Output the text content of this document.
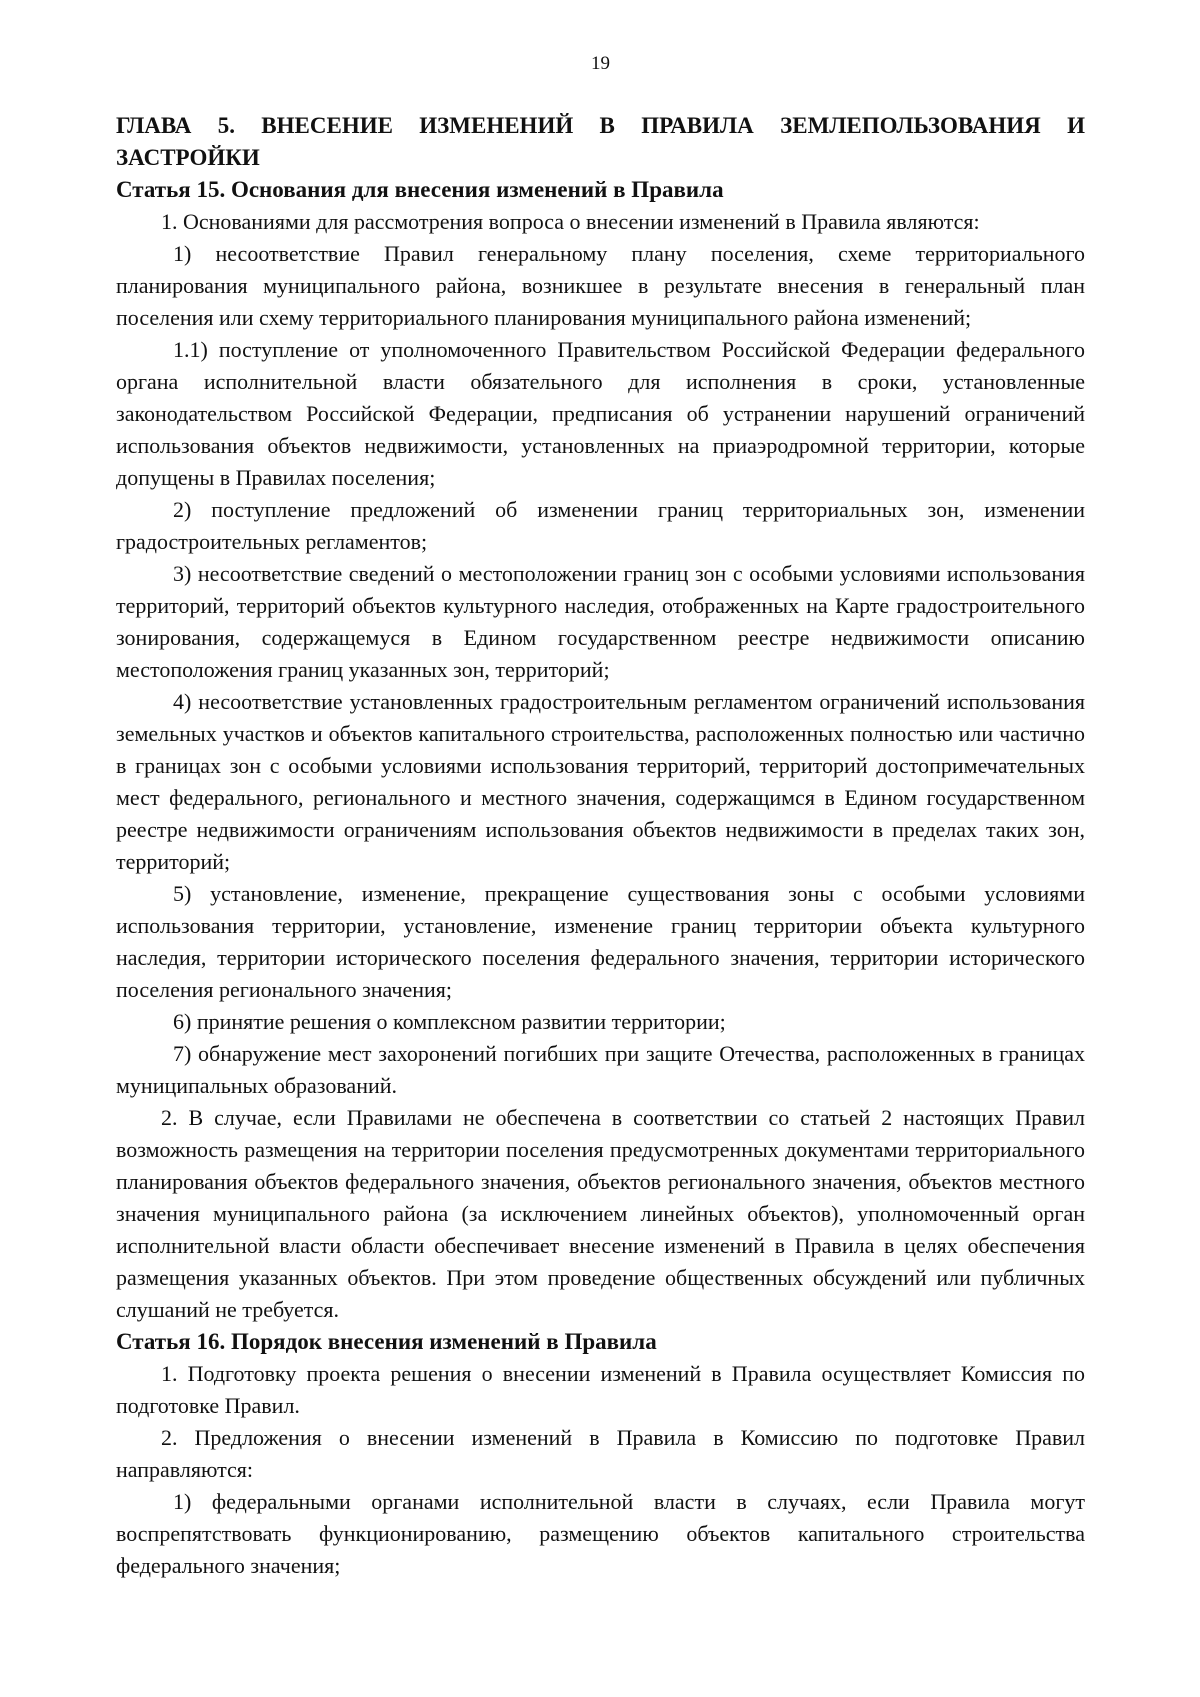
19
ГЛАВА 5. ВНЕСЕНИЕ ИЗМЕНЕНИЙ В ПРАВИЛА ЗЕМЛЕПОЛЬЗОВАНИЯ И ЗАСТРОЙКИ
Статья 15. Основания для внесения изменений в Правила

1. Основаниями для рассмотрения вопроса о внесении изменений в Правила являются:

1) несоответствие Правил генеральному плану поселения, схеме территориального планирования муниципального района, возникшее в результате внесения в генеральный план поселения или схему территориального планирования муниципального района изменений;

1.1) поступление от уполномоченного Правительством Российской Федерации федерального органа исполнительной власти обязательного для исполнения в сроки, установленные законодательством Российской Федерации, предписания об устранении нарушений ограничений использования объектов недвижимости, установленных на приаэродромной территории, которые допущены в Правилах поселения;

2) поступление предложений об изменении границ территориальных зон, изменении градостроительных регламентов;

3) несоответствие сведений о местоположении границ зон с особыми условиями использования территорий, территорий объектов культурного наследия, отображенных на Карте градостроительного зонирования, содержащемуся в Едином государственном реестре недвижимости описанию местоположения границ указанных зон, территорий;

4) несоответствие установленных градостроительным регламентом ограничений использования земельных участков и объектов капитального строительства, расположенных полностью или частично в границах зон с особыми условиями использования территорий, территорий достопримечательных мест федерального, регионального и местного значения, содержащимся в Едином государственном реестре недвижимости ограничениям использования объектов недвижимости в пределах таких зон, территорий;

5) установление, изменение, прекращение существования зоны с особыми условиями использования территории, установление, изменение границ территории объекта культурного наследия, территории исторического поселения федерального значения, территории исторического поселения регионального значения;

6) принятие решения о комплексном развитии территории;

7) обнаружение мест захоронений погибших при защите Отечества, расположенных в границах муниципальных образований.

2. В случае, если Правилами не обеспечена в соответствии со статьей 2 настоящих Правил возможность размещения на территории поселения предусмотренных документами территориального планирования объектов федерального значения, объектов регионального значения, объектов местного значения муниципального района (за исключением линейных объектов), уполномоченный орган исполнительной власти области обеспечивает внесение изменений в Правила в целях обеспечения размещения указанных объектов. При этом проведение общественных обсуждений или публичных слушаний не требуется.

Статья 16. Порядок внесения изменений в Правила

1. Подготовку проекта решения о внесении изменений в Правила осуществляет Комиссия по подготовке Правил.

2. Предложения о внесении изменений в Правила в Комиссию по подготовке Правил направляются:

1) федеральными органами исполнительной власти в случаях, если Правила могут воспрепятствовать функционированию, размещению объектов капитального строительства федерального значения;
